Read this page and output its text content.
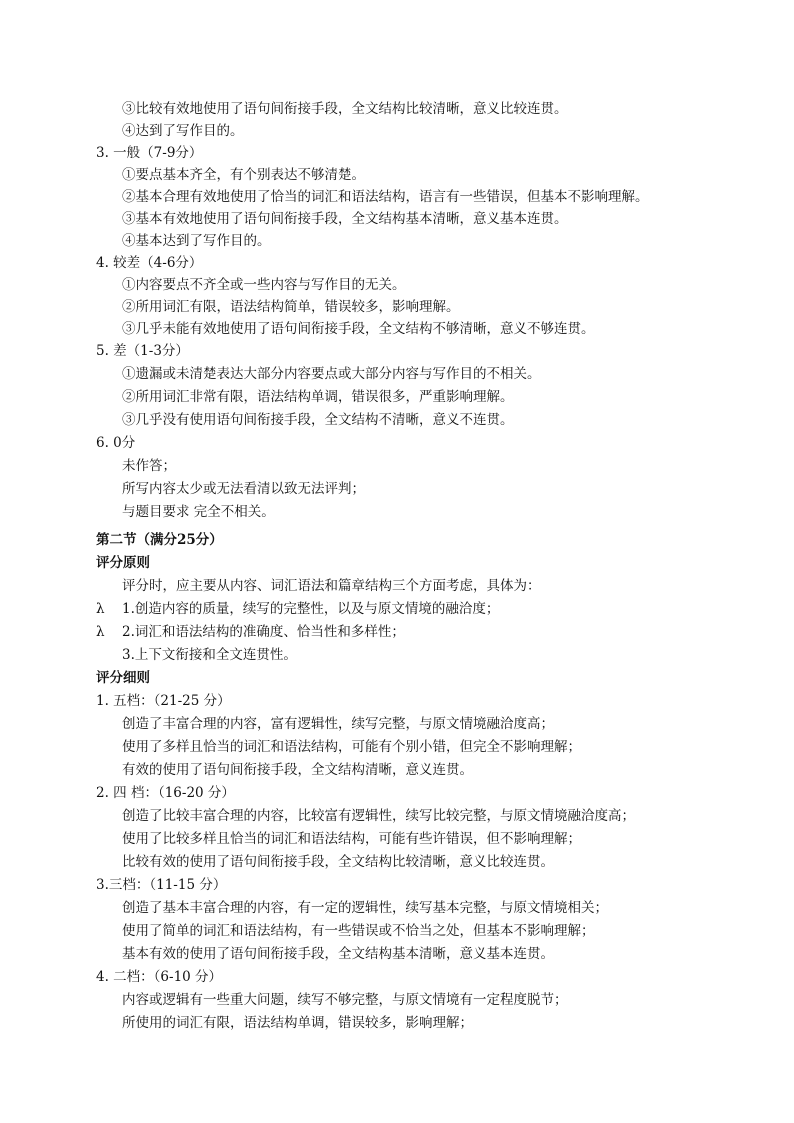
③比较有效地使用了语句间衔接手段，全文结构比较清晰，意义比较连贯。
④达到了写作目的。
3. 一般（7-9分）
①要点基本齐全，有个别表达不够清楚。
②基本合理有效地使用了恰当的词汇和语法结构，语言有一些错误，但基本不影响理解。
③基本有效地使用了语句间衔接手段，全文结构基本清晰，意义基本连贯。
④基本达到了写作目的。
4. 较差（4-6分）
①内容要点不齐全或一些内容与写作目的无关。
②所用词汇有限，语法结构简单，错误较多，影响理解。
③几乎未能有效地使用了语句间衔接手段，全文结构不够清晰，意义不够连贯。
5. 差（1-3分）
①遗漏或未清楚表达大部分内容要点或大部分内容与写作目的不相关。
②所用词汇非常有限，语法结构单调，错误很多，严重影响理解。
③几乎没有使用语句间衔接手段，全文结构不清晰，意义不连贯。
6. 0分
未作答；
所写内容太少或无法看清以致无法评判；
与题目要求 完全不相关。
第二节（满分25分）
评分原则
评分时，应主要从内容、词汇语法和篇章结构三个方面考虑，具体为：
λ 1.创造内容的质量，续写的完整性，以及与原文情境的融洽度；
λ 2.词汇和语法结构的准确度、恰当性和多样性；
3.上下文衔接和全文连贯性。
评分细则
1. 五档：（21-25 分）
创造了丰富合理的内容，富有逻辑性，续写完整，与原文情境融洽度高；
使用了多样且恰当的词汇和语法结构，可能有个别小错，但完全不影响理解；
有效的使用了语句间衔接手段，全文结构清晰，意义连贯。
2. 四 档：（16-20 分）
创造了比较丰富合理的内容，比较富有逻辑性，续写比较完整，与原文情境融洽度高；
使用了比较多样且恰当的词汇和语法结构，可能有些许错误，但不影响理解；
比较有效的使用了语句间衔接手段，全文结构比较清晰，意义比较连贯。
3.三档：（11-15 分）
创造了基本丰富合理的内容，有一定的逻辑性，续写基本完整，与原文情境相关；
使用了简单的词汇和语法结构，有一些错误或不恰当之处，但基本不影响理解；
基本有效的使用了语句间衔接手段，全文结构基本清晰，意义基本连贯。
4. 二档：（6-10 分）
内容或逻辑有一些重大问题，续写不够完整，与原文情境有一定程度脱节；
所使用的词汇有限，语法结构单调，错误较多，影响理解；
